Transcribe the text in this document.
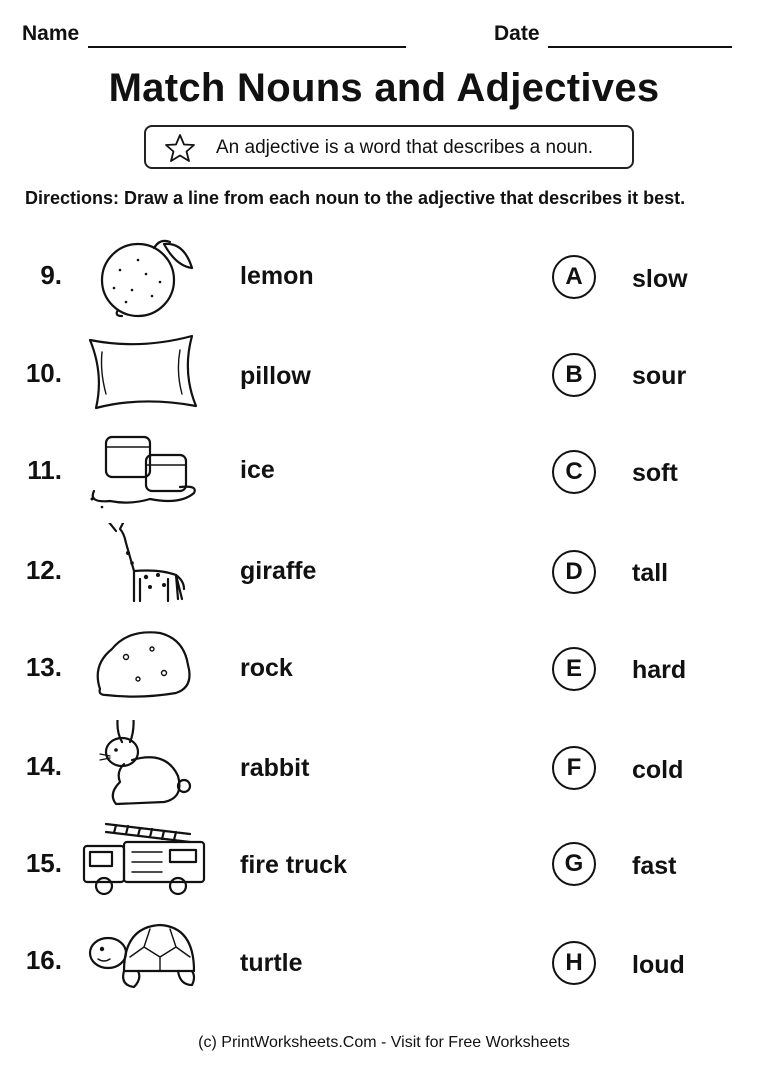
Name	Date
Match Nouns and Adjectives
An adjective is a word that describes a noun.
Directions: Draw a line from each noun to the adjective that describes it best.
9.	lemon	A	slow
10.	pillow	B	sour
11.	ice	C	soft
12.	giraffe	D	tall
13.	rock	E	hard
14.	rabbit	F	cold
15.	fire truck	G	fast
16.	turtle	H	loud
(c) PrintWorksheets.Com - Visit for Free Worksheets
